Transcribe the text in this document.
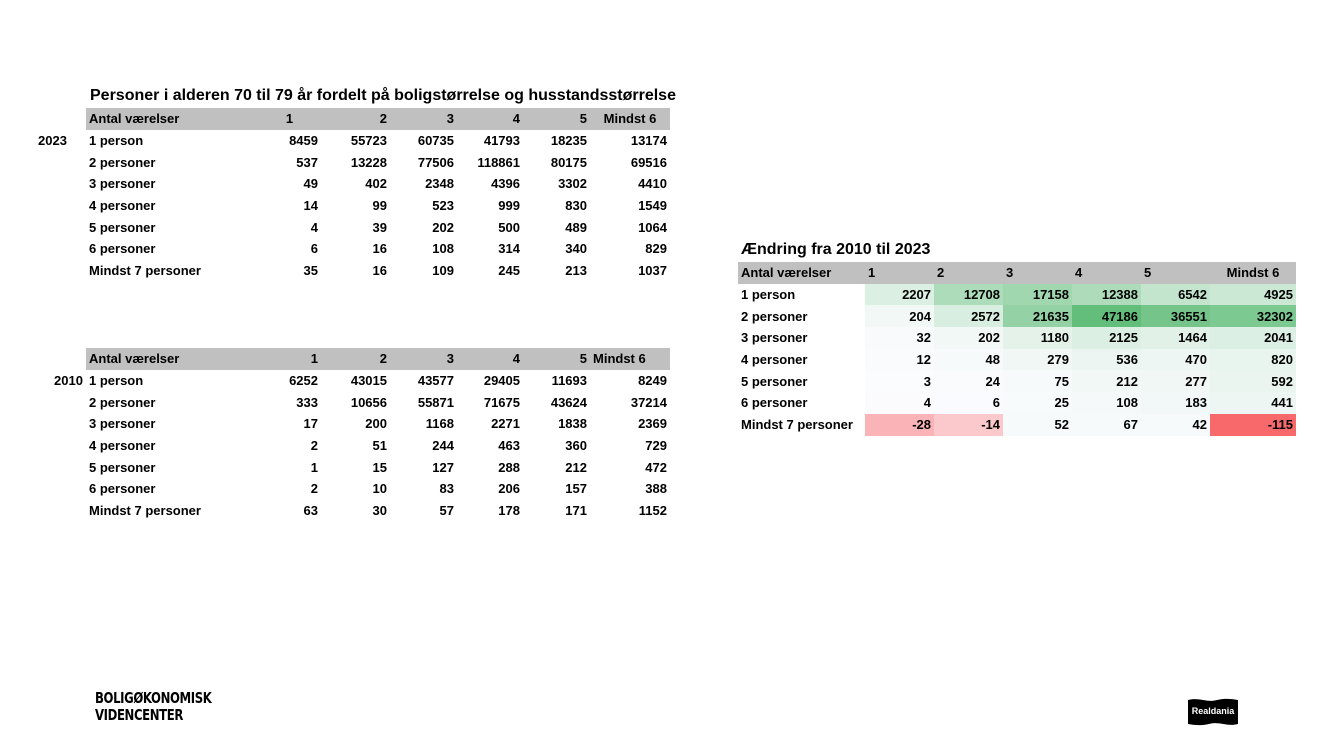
Personer i alderen 70 til 79 år fordelt på boligstørrelse og husstandsstørrelse
2023
Antal værelser	1	2	3	4	5	Mindst 6
1 person	8459	55723	60735	41793	18235	13174
2 personer	537	13228	77506	118861	80175	69516
3 personer	49	402	2348	4396	3302	4410
4 personer	14	99	523	999	830	1549
5 personer	4	39	202	500	489	1064
6 personer	6	16	108	314	340	829
Mindst 7 personer	35	16	109	245	213	1037
2010
Antal værelser	1	2	3	4	5	Mindst 6
1 person	6252	43015	43577	29405	11693	8249
2 personer	333	10656	55871	71675	43624	37214
3 personer	17	200	1168	2271	1838	2369
4 personer	2	51	244	463	360	729
5 personer	1	15	127	288	212	472
6 personer	2	10	83	206	157	388
Mindst 7 personer	63	30	57	178	171	1152
Ændring fra 2010 til 2023
Antal værelser	1	2	3	4	5	Mindst 6
1 person	2207	12708	17158	12388	6542	4925
2 personer	204	2572	21635	47186	36551	32302
3 personer	32	202	1180	2125	1464	2041
4 personer	12	48	279	536	470	820
5 personer	3	24	75	212	277	592
6 personer	4	6	25	108	183	441
Mindst 7 personer	-28	-14	52	67	42	-115
BOLIGØKONOMISK
VIDENCENTER	Realdania
